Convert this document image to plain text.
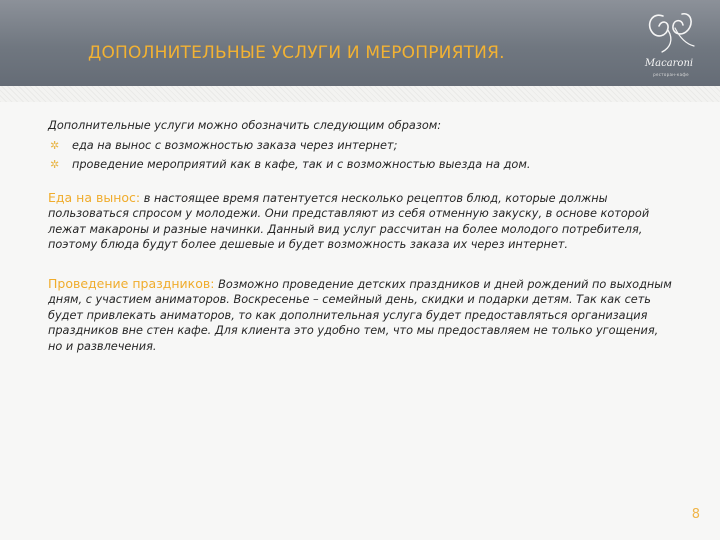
ДОПОЛНИТЕЛЬНЫЕ УСЛУГИ И МЕРОПРИЯТИЯ.
Macaroni
ресторан-кафе

Дополнительные услуги можно обозначить следующим образом:

✲ еда на вынос с возможностью заказа через интернет;
✲ проведение мероприятий как в кафе, так и с возможностью выезда на дом.

Еда на вынос: в настоящее время патентуется несколько рецептов блюд, которые должны пользоваться спросом у молодежи. Они представляют из себя отменную закуску, в основе которой лежат макароны и разные начинки. Данный вид услуг рассчитан на более молодого потребителя, поэтому блюда будут более дешевые и будет возможность заказа их через интернет.

Проведение праздников: Возможно проведение детских праздников и дней рождений по выходным дням, с участием аниматоров. Воскресенье – семейный день, скидки и подарки детям. Так как сеть будет привлекать аниматоров, то как дополнительная услуга будет предоставляться организация праздников вне стен кафе. Для клиента это удобно тем, что мы предоставляем не только угощения, но и развлечения.

8
